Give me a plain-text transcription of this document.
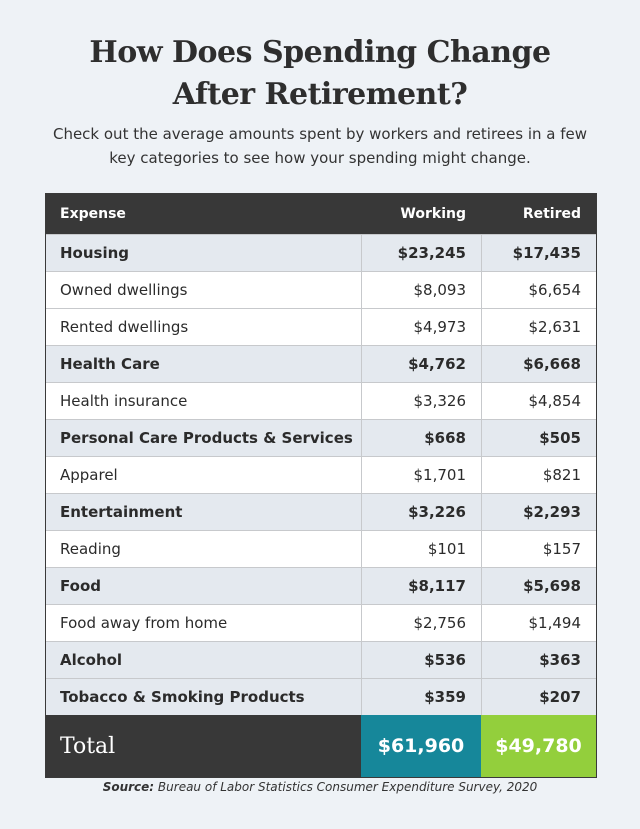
How Does Spending Change
After Retirement?
Check out the average amounts spent by workers and retirees in a few key categories to see how your spending might change.
Expense	Working	Retired
Housing	$23,245	$17,435
Owned dwellings	$8,093	$6,654
Rented dwellings	$4,973	$2,631
Health Care	$4,762	$6,668
Health insurance	$3,326	$4,854
Personal Care Products & Services	$668	$505
Apparel	$1,701	$821
Entertainment	$3,226	$2,293
Reading	$101	$157
Food	$8,117	$5,698
Food away from home	$2,756	$1,494
Alcohol	$536	$363
Tobacco & Smoking Products	$359	$207
Total	$61,960	$49,780
Source: Bureau of Labor Statistics Consumer Expenditure Survey, 2020
